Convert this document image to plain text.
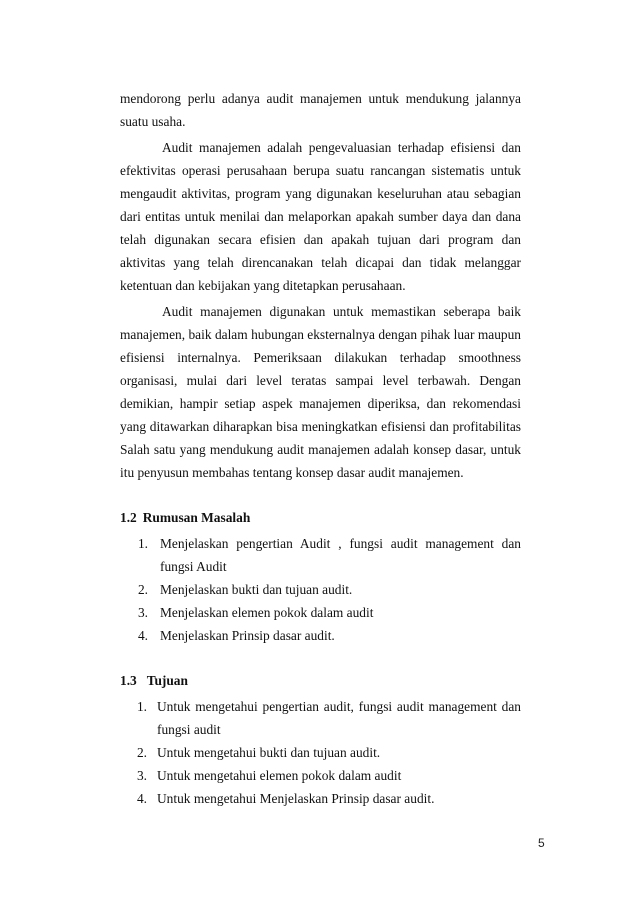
mendorong perlu adanya audit manajemen untuk mendukung jalannya suatu usaha.

Audit manajemen adalah pengevaluasian terhadap efisiensi dan efektivitas operasi perusahaan berupa suatu rancangan sistematis untuk mengaudit aktivitas, program yang digunakan keseluruhan atau sebagian dari entitas untuk menilai dan melaporkan apakah sumber daya dan dana telah digunakan secara efisien dan apakah tujuan dari program dan aktivitas yang telah direncanakan telah dicapai dan tidak melanggar ketentuan dan kebijakan yang ditetapkan perusahaan.

Audit manajemen digunakan untuk memastikan seberapa baik manajemen, baik dalam hubungan eksternalnya dengan pihak luar maupun efisiensi internalnya. Pemeriksaan dilakukan terhadap smoothness organisasi, mulai dari level teratas sampai level terbawah. Dengan demikian, hampir setiap aspek manajemen diperiksa, dan rekomendasi yang ditawarkan diharapkan bisa meningkatkan efisiensi dan profitabilitas Salah satu yang mendukung audit manajemen adalah konsep dasar, untuk itu penyusun membahas tentang konsep dasar audit manajemen.

1.2 Rumusan Masalah
1. Menjelaskan pengertian Audit , fungsi audit management dan fungsi Audit
2. Menjelaskan bukti dan tujuan audit.
3. Menjelaskan elemen pokok dalam audit
4. Menjelaskan Prinsip dasar audit.
1.3 Tujuan
1. Untuk mengetahui pengertian audit, fungsi audit management dan fungsi audit
2. Untuk mengetahui bukti dan tujuan audit.
3. Untuk mengetahui elemen pokok dalam audit
4. Untuk mengetahui Menjelaskan Prinsip dasar audit.
5
